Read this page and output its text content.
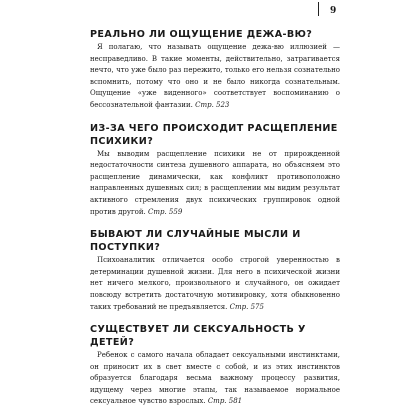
9
РЕАЛЬНО ЛИ ОЩУЩЕНИЕ ДЕЖА-ВЮ?

Я полагаю, что называть ощущение дежа-вю иллюзией — несправедливо. В такие моменты, действительно, затрагивается нечто, что уже было раз пережито, только его нельзя сознательно вспомнить, потому что оно и не было никогда сознательным. Ощущение «уже виденного» соответствует воспоминанию о бессознательной фантазии. Стр. 523

ИЗ-ЗА ЧЕГО ПРОИСХОДИТ РАСЩЕПЛЕНИЕ ПСИХИКИ?

Мы выводим расщепление психики не от прирожденной недостаточности синтеза душевного аппарата, но объясняем это расщепление динамически, как конфликт противоположно направленных душевных сил; в расщеплении мы видим результат активного стремления двух психических группировок одной против другой. Стр. 559

БЫВАЮТ ЛИ СЛУЧАЙНЫЕ МЫСЛИ И ПОСТУПКИ?

Психоаналитик отличается особо строгой уверенностью в детерминации душевной жизни. Для него в психической жизни нет ничего мелкого, произвольного и случайного, он ожидает повсюду встретить достаточную мотивировку, хотя обыкновенно таких требований не предъявляется. Стр. 575

СУЩЕСТВУЕТ ЛИ СЕКСУАЛЬНОСТЬ У ДЕТЕЙ?

Ребенок с самого начала обладает сексуальными инстинктами, он приносит их в свет вместе с собой, и из этих инстинктов образуется благодаря весьма важному процессу развития, идущему через многие этапы, так называемое нормальное сексуальное чувство взрослых. Стр. 581
